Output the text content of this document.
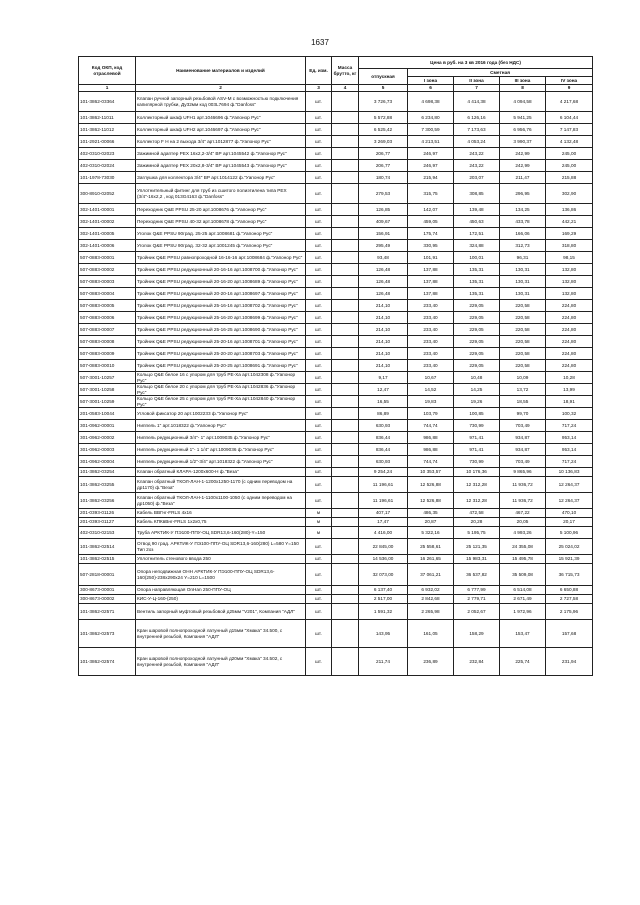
1637
Код ОКП, код отраслевой	Наименование материалов и изделий	Ед. изм.	Масса брутто, кг	Цена в руб. на 3 кв 2016 года (без НДС)				
				отпускная	Сметная			
					I зона	II зона	III зона	IV зона
1	2	3	4	5	6	7	8	9
101-3862-03364	Клапан ручной запорный резьбовой ASV-M с возможностью подключения капилярной трубки, Ду32мм код 003L7694 ф."Danfoss"	шт.		3 726,73	4 698,38	4 414,38	4 094,58	4 217,68
101-3862-11011	Коллекторный шкаф UFH1 арт.1046696 ф."Уапонор Рус"	шт.		5 572,88	6 234,80	6 126,16	5 941,25	6 104,44
101-3862-11012	Коллекторный шкаф UFH2 арт.1046697 ф."Уапонор Рус"	шт.		6 525,42	7 300,59	7 173,63	6 956,76	7 147,83
101-2921-00066	Коллектор F Н на 2 выхода 3/4" арт.1012877 ф."Уапонор Рус"	шт.		3 269,03	4 213,51	4 053,24	3 990,37	4 132,48
402-0310-02023	Зажимной адаптер PEX 16x2,2-3/4" ВР арт.1045542 ф."Уапонор Рус"	шт.		206,77	246,97	243,22	242,99	245,00
402-0310-02024	Зажимной адаптер PEX 20x2,8-3/4" ВР арт.1045543 ф."Уапонор Рус"	шт.		206,77	246,97	243,22	242,99	245,00
101-1978-73030	Заглушка для коллектора 3/4" ВР арт.1014122 ф."Уапонор Рус"	шт.		180,74	215,94	203,07	211,47	215,88
300-8910-02052	Уплотнительный фитинг для труб из сшитого полиэтилена типа PEX (3/4"-16x2,2 , код 013G4163 ф."Danfoss"	шт.		279,53	315,75	308,85	296,95	302,90
302-1401-00001	Переходник Q&E PPSU 25-20 арт.1008676 ф."Уапонор Рус"	шт.		126,85	142,07	139,48	134,25	136,86
302-1401-00002	Переходник Q&E PPSU 40-32 арт.1008678 ф."Уапонор Рус"	шт.		409,67	459,05	450,63	433,78	442,21
302-1401-00005	Уголок Q&E PPSU 90град. 25-25 арт.1008681 ф."Уапонор Рус"	шт.		156,91	175,74	172,51	166,06	169,29
302-1401-00006	Уголок Q&E PPSU 90град. 32-32 арт.1001245 ф."Уапонор Рус"	шт.		295,49	330,95	324,88	312,73	318,80
507-0883-00001	Тройник Q&E PPSU равнопроходной 16-16-16 арт.1008684 ф."Уапонор Рус"	шт.		93,48	101,91	100,01	96,31	98,15
507-0883-00002	Тройник Q&E PPSU редукционный 20-16-16 арт.1008700 ф."Уапонор Рус"	шт.		126,48	137,88	135,31	130,31	132,80
507-0883-00003	Тройник Q&E PPSU редукционный 20-16-20 арт.1008689 ф."Уапонор Рус"	шт.		126,48	137,88	135,31	130,31	132,80
507-0883-00004	Тройник Q&E PPSU редукционный 20-20-16 арт.1008697 ф."Уапонор Рус"	шт.		126,48	137,88	135,31	130,31	132,80
507-0883-00005	Тройник Q&E PPSU редукционный 25-16-16 арт.1008702 ф."Уапонор Рус"	шт.		214,10	233,40	229,05	220,58	224,80
507-0883-00006	Тройник Q&E PPSU редукционный 25-16-20 арт.1008699 ф."Уапонор Рус"	шт.		214,10	233,40	229,05	220,58	224,80
507-0883-00007	Тройник Q&E PPSU редукционный 25-16-25 арт.1008690 ф."Уапонор Рус"	шт.		214,10	233,40	229,05	220,58	224,80
507-0883-00008	Тройник Q&E PPSU редукционный 25-20-16 арт.1008701 ф."Уапонор Рус"	шт.		214,10	233,40	229,05	220,58	224,80
507-0883-00009	Тройник Q&E PPSU редукционный 25-20-20 арт.1008703 ф."Уапонор Рус"	шт.		214,10	233,40	229,05	220,58	224,80
507-0883-00010	Тройник Q&E PPSU редукционный 25-20-25 арт.1008691 ф."Уапонор Рус"	шт.		214,10	233,40	229,05	220,58	224,80
507-3001-10257	Кольцо Q&E белое 16 с упором для труб PE-Xa арт.1042308 ф."Уапонор Рус"	шт.		9,17	10,67	10,48	10,09	10,28
507-3001-10258	Кольцо Q&E белое 20 с упором для труб PE-Xa арт.1042836 ф."Уапонор Рус"	шт.		12,47	14,52	14,25	13,72	13,99
507-3001-10259	Кольцо Q&E белое 25 с упором для труб PE-Xa арт.1042840 ф."Уапонор Рус"	шт.		16,55	19,83	19,26	18,55	18,91
201-0583-10044	Угловой фиксатор 20 арт.1002233 ф."Уапонор Рус"	шт.		86,89	103,79	100,85	99,70	100,32
301-0962-00001	Ниппель 1" арт.1018322 ф."Уапонор Рус"	шт.		630,93	744,74	730,99	703,49	717,24
301-0962-00002	Ниппель редукционный 3/4"- 1" арт.1009035 ф."Уапонор Рус"	шт.		836,44	986,88	971,41	934,87	953,14
301-0962-00003	Ниппель редукционный 1"- 1 1/4" арт.1009036 ф."Уапонор Рус"	шт.		836,44	986,88	971,41	934,87	953,14
301-0962-00004	Ниппель редукционный 1/2"-3/4" арт.1018322 ф."Уапонор Рус"	шт.		630,93	744,74	730,99	703,49	717,24
101-3862-03254	Клапан обратный КЛАРА-1200x600-Н ф."Веза"	шт.		9 254,24	10 353,57	10 176,36	9 865,96	10 136,83
101-3862-03255	Клапан обратный ТКОЛ-ЛАН-1-1200x1250-1170 (с одним переводом на др1170) ф."Веза"	шт.		11 196,61	12 526,88	12 312,28	11 936,72	12 264,37
101-3862-03256	Клапан обратный ТКОЛ-ЛАН-1-1100x1100-1050 (с одним переводом на др1050) ф."Веза"	шт.		11 196,61	12 526,88	12 312,28	11 936,72	12 264,37
201-0393-01126	Кабель ВВГнг-FRLS 4x16	м		407,17	486,35	472,58	467,22	470,10
201-0393-01127	Кабель КПКвВнг-FRLS 1x2x0,75	м		17,47	20,87	20,28	20,05	20,17
402-0310-02153	Труба АРКТИК-У ПЭ100-ППУ-ОЦ SDR13,6-160(280)-Y=150	м		4 416,00	5 322,16	5 195,75	4 993,26	5 100,96
101-3862-02514	Отвод 90 град. АРКТИК-У ПЭ100-ППУ-ОЦ SDR13,6-160(280) L=580 Y=150 Тип 2оз	шт.		22 845,00	25 558,61	25 121,35	24 355,08	25 024,02
101-3862-02515	Уплотнитель стенового ввода 250	шт.		14 536,00	16 261,65	15 983,31	15 495,78	15 921,39
507-2818-00001	Опора неподвижная ОНН АРКТИК-У ПЭ100-ППУ-ОЦ SDR13,6-160(250)-238x290x24 Y=210 L=1500	шт.		32 073,00	37 061,21	36 537,82	35 509,08	36 715,73
300-8673-00001	Опора направляющая OnHan 250-ППУ-ОЦ	шт.		6 137,40	6 932,02	6 777,99	6 514,08	6 650,88
300-8673-00002	КИС-У-Ц-160-(250)	шт.		2 517,00	2 842,68	2 779,71	2 671,49	2 727,58
101-3862-02571	Вентиль запорный муфтовый резьбовой д25мм "V201", Компания "АДЛ"	шт.		1 591,32	2 265,98	2 052,67	1 972,96	2 175,96
101-3862-02573	Кран шаровой полнопроходной латунный д15мм "Хмака" 34.500, с внутренней резьбой, Компания "АДЛ"	шт.		143,95	161,05	158,29	153,47	157,68
101-3862-02574	Кран шаровой полнопроходной латунный д20мм "Хмака" 34.502, с внутренней резьбой, Компания "АДЛ"	шт.		211,74	236,89	232,84	225,74	231,94
